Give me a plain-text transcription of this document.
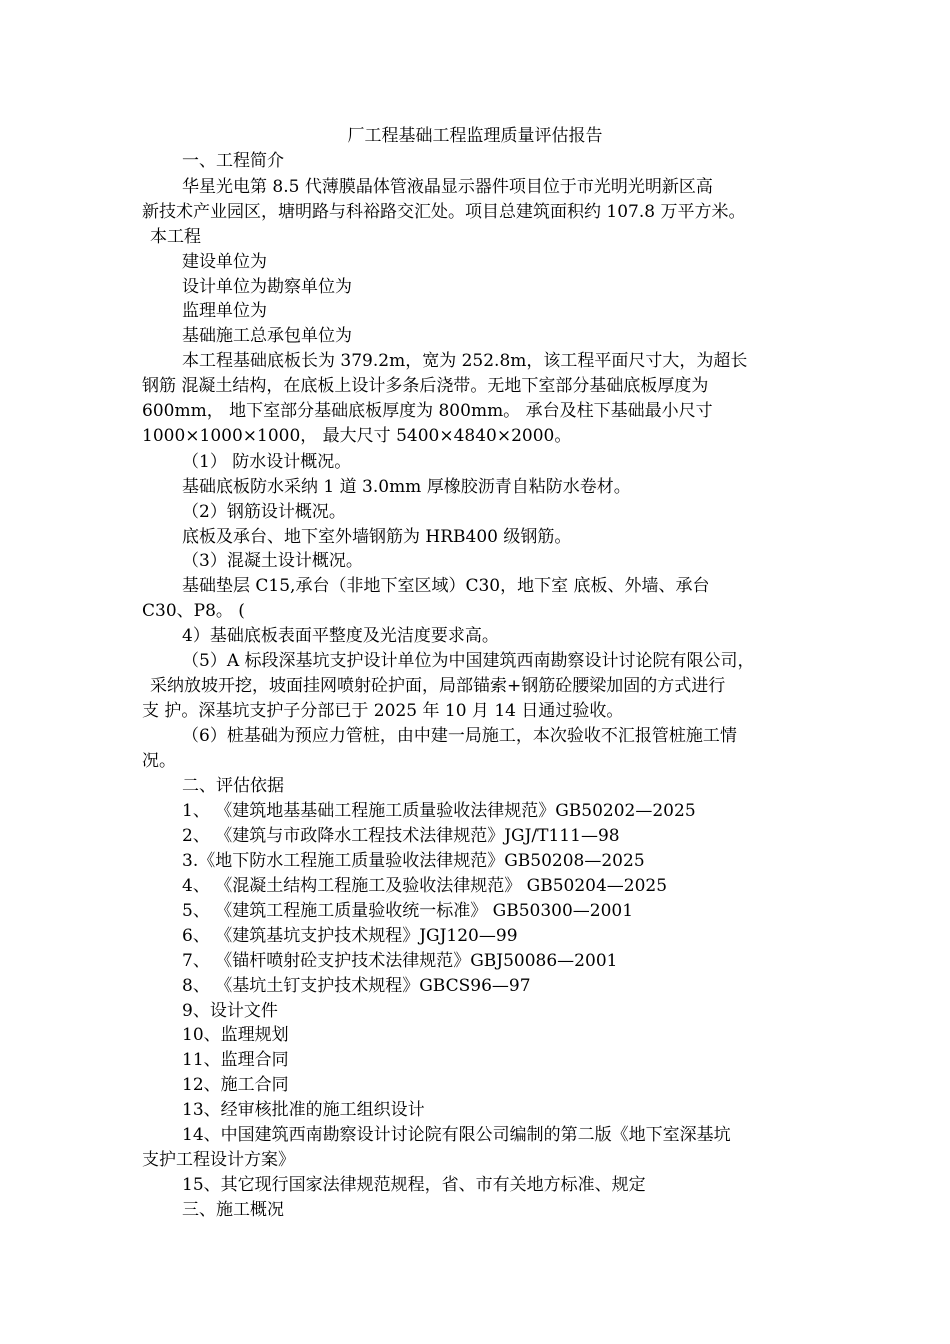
厂工程基础工程监理质量评估报告
一、工程简介
华星光电第 8.5 代薄膜晶体管液晶显示器件项目位于市光明光明新区高
新技术产业园区，塘明路与科裕路交汇处。项目总建筑面积约 107.8 万平方米。
本工程
建设单位为
设计单位为勘察单位为
监理单位为
基础施工总承包单位为
本工程基础底板长为 379.2m，宽为 252.8m，该工程平面尺寸大，为超长
钢筋 混凝土结构，在底板上设计多条后浇带。无地下室部分基础底板厚度为
600mm， 地下室部分基础底板厚度为 800mm。 承台及柱下基础最小尺寸
1000×1000×1000， 最大尺寸 5400×4840×2000。
（1） 防水设计概况。
基础底板防水采纳 1 道 3.0mm 厚橡胶沥青自粘防水卷材。
（2）钢筋设计概况。
底板及承台、地下室外墙钢筋为 HRB400 级钢筋。
（3）混凝土设计概况。
基础垫层 C15,承台（非地下室区域）C30，地下室 底板、外墙、承台
C30、P8。 (
4）基础底板表面平整度及光洁度要求高。
（5）A 标段深基坑支护设计单位为中国建筑西南勘察设计讨论院有限公司，
采纳放坡开挖，坡面挂网喷射砼护面，局部锚索+钢筋砼腰梁加固的方式进行
支 护。深基坑支护子分部已于 2025 年 10 月 14 日通过验收。
（6）桩基础为预应力管桩，由中建一局施工，本次验收不汇报管桩施工情
况。
二、评估依据
1、 《建筑地基基础工程施工质量验收法律规范》GB50202—2025
2、 《建筑与市政降水工程技术法律规范》JGJ/T111—98
3.《地下防水工程施工质量验收法律规范》GB50208—2025
4、 《混凝土结构工程施工及验收法律规范》 GB50204—2025
5、 《建筑工程施工质量验收统一标准》 GB50300—2001
6、 《建筑基坑支护技术规程》JGJ120—99
7、 《锚杆喷射砼支护技术法律规范》GBJ50086—2001
8、 《基坑土钉支护技术规程》GBCS96—97
9、设计文件
10、监理规划
11、监理合同
12、施工合同
13、经审核批准的施工组织设计
14、中国建筑西南勘察设计讨论院有限公司编制的第二版《地下室深基坑
支护工程设计方案》
15、其它现行国家法律规范规程，省、市有关地方标准、规定
三、施工概况
